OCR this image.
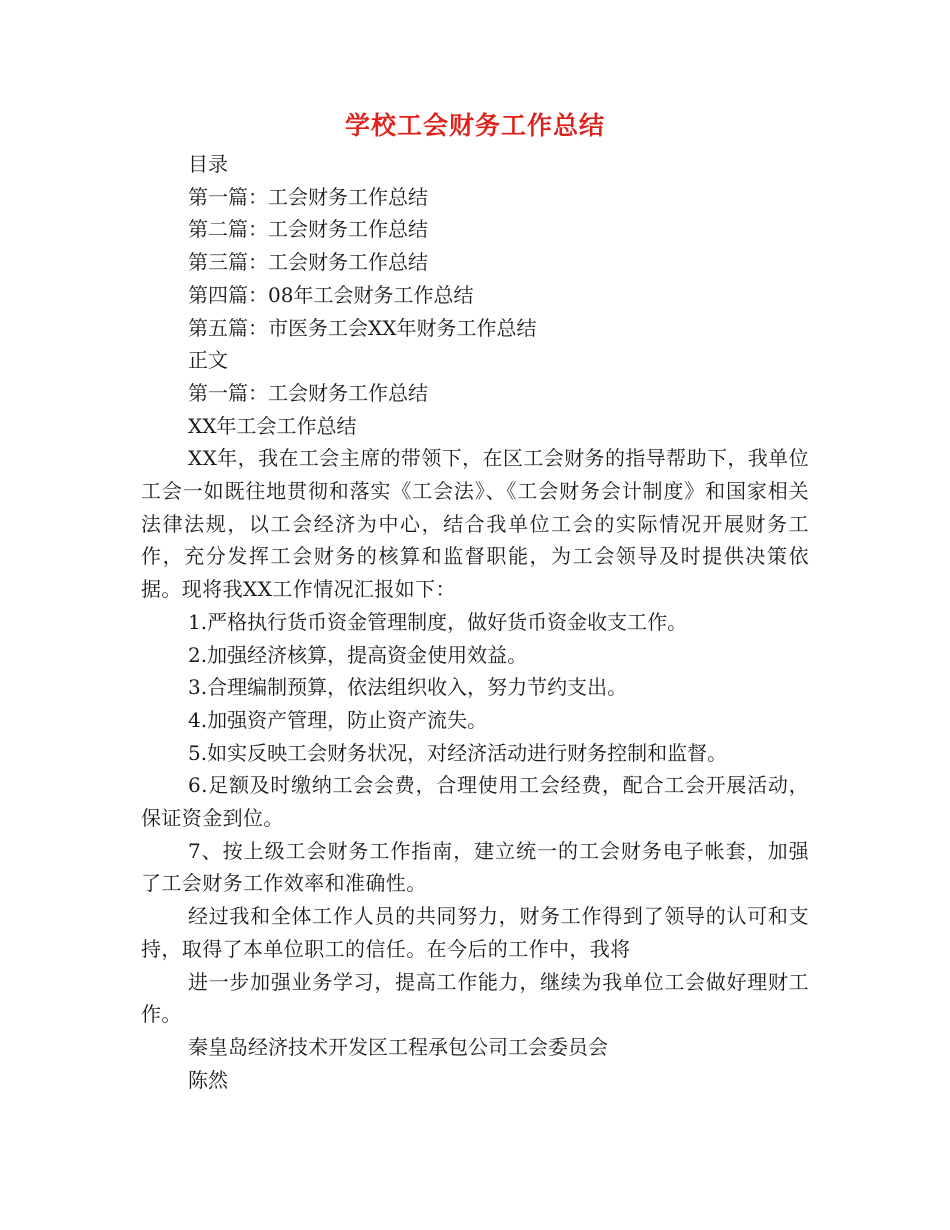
学校工会财务工作总结

目录

第一篇：工会财务工作总结

第二篇：工会财务工作总结

第三篇：工会财务工作总结

第四篇：08年工会财务工作总结

第五篇：市医务工会XX年财务工作总结

正文

第一篇：工会财务工作总结

XX年工会工作总结

XX年，我在工会主席的带领下，在区工会财务的指导帮助下，我单位工会一如既往地贯彻和落实《工会法》、《工会财务会计制度》和国家相关法律法规，以工会经济为中心，结合我单位工会的实际情况开展财务工作，充分发挥工会财务的核算和监督职能，为工会领导及时提供决策依据。现将我XX工作情况汇报如下：

1.严格执行货币资金管理制度，做好货币资金收支工作。

2.加强经济核算，提高资金使用效益。

3.合理编制预算，依法组织收入，努力节约支出。

4.加强资产管理，防止资产流失。

5.如实反映工会财务状况，对经济活动进行财务控制和监督。

6.足额及时缴纳工会会费，合理使用工会经费，配合工会开展活动，保证资金到位。

7、按上级工会财务工作指南，建立统一的工会财务电子帐套，加强了工会财务工作效率和准确性。

经过我和全体工作人员的共同努力，财务工作得到了领导的认可和支持，取得了本单位职工的信任。在今后的工作中，我将

进一步加强业务学习，提高工作能力，继续为我单位工会做好理财工作。

秦皇岛经济技术开发区工程承包公司工会委员会

陈然
